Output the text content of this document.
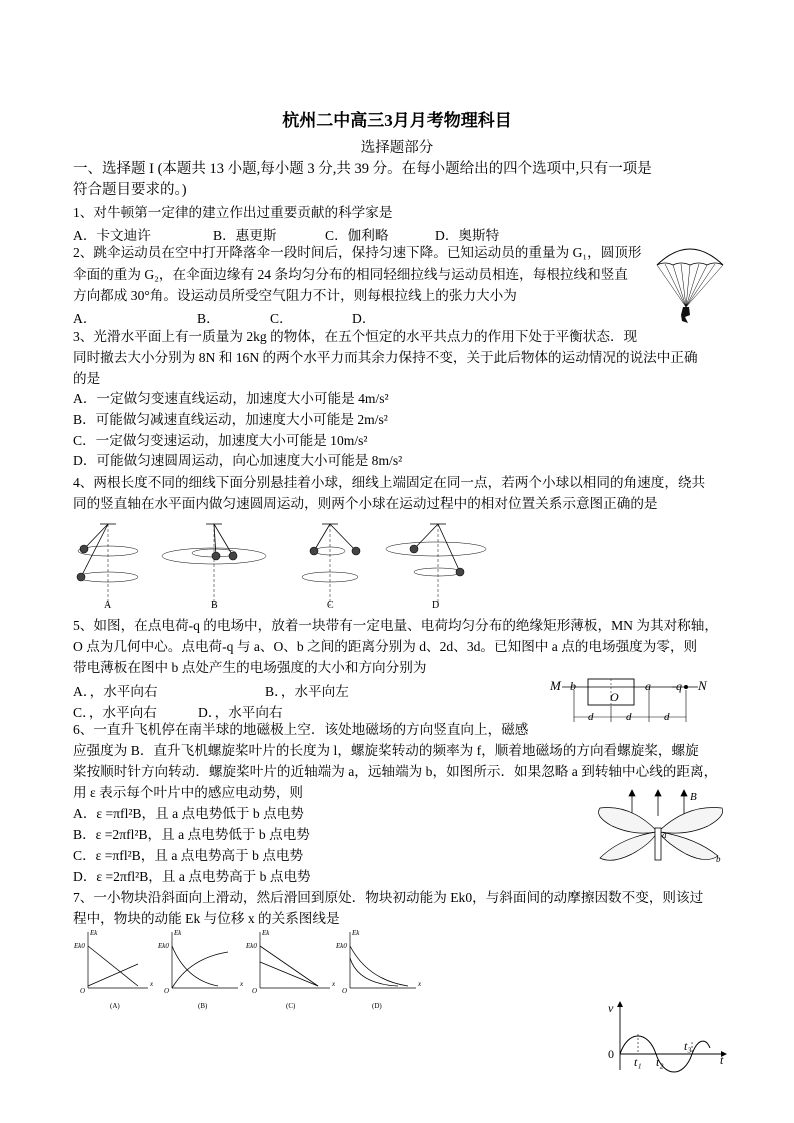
杭州二中高三3月月考物理科目
选择题部分
一、选择题 I (本题共 13 小题,每小题 3 分,共 39 分。在每小题给出的四个选项中,只有一项是
符合题目要求的。)
1、对牛顿第一定律的建立作出过重要贡献的科学家是
A．卡文迪许	B．惠更斯	C．伽利略	D．奥斯特
2、跳伞运动员在空中打开降落伞一段时间后，保持匀速下降。已知运动员的重量为 G₁，圆顶形
伞面的重为 G₂，在伞面边缘有 24 条均匀分布的相同轻细拉线与运动员相连，每根拉线和竖直
方向都成 30°角。设运动员所受空气阻力不计，则每根拉线上的张力大小为
A．	B．	C．	D．
3、光滑水平面上有一质量为 2kg 的物体，在五个恒定的水平共点力的作用下处于平衡状态．现
同时撤去大小分别为 8N 和 16N 的两个水平力而其余力保持不变，关于此后物体的运动情况的说法中正确
的是
A．一定做匀变速直线运动，加速度大小可能是 4m/s²
B．可能做匀减速直线运动，加速度大小可能是 2m/s²
C．一定做匀变速运动，加速度大小可能是 10m/s²
D．可能做匀速圆周运动，向心加速度大小可能是 8m/s²
4、两根长度不同的细线下面分别悬挂着小球，细线上端固定在同一点，若两个小球以相同的角速度，绕共
同的竖直轴在水平面内做匀速圆周运动，则两个小球在运动过程中的相对位置关系示意图正确的是
A	B	C	D
5、如图，在点电荷-q 的电场中，放着一块带有一定电量、电荷均匀分布的绝缘矩形薄板，MN 为其对称轴，
O 点为几何中心。点电荷-q 与 a、O、b 之间的距离分别为 d、2d、3d。已知图中 a 点的电场强度为零，则
带电薄板在图中 b 点处产生的电场强度的大小和方向分别为
A．，水平向右	B．，水平向左
C．，水平向右	D．，水平向右
M b
O
a -q N
d	d	d
6、一直升飞机停在南半球的地磁极上空．该处地磁场的方向竖直向上，磁感
应强度为 B．直升飞机螺旋桨叶片的长度为 l，螺旋桨转动的频率为 f，顺着地磁场的方向看螺旋桨，螺旋
桨按顺时针方向转动．螺旋桨叶片的近轴端为 a，远轴端为 b，如图所示．如果忽略 a 到转轴中心线的距离，
用 ε 表示每个叶片中的感应电动势，则
A．ε =πfl²B，且 a 点电势低于 b 点电势
B．ε =2πfl²B，且 a 点电势低于 b 点电势
C．ε =πfl²B，且 a 点电势高于 b 点电势
D．ε =2πfl²B，且 a 点电势高于 b 点电势
B
a
b
7、一小物块沿斜面向上滑动，然后滑回到原处．物块初动能为 Ek0，与斜面间的动摩擦因数不变，则该过
程中，物块的动能 Ek 与位移 x 的关系图线是
Ek
Ek0
O
x
Ek
Ek0
O
x
Ek
Ek0
O
x
Ek
Ek0
O
x
(A)	(B)	(C)	(D)	v
0
t₁ t₂
t₃
t
